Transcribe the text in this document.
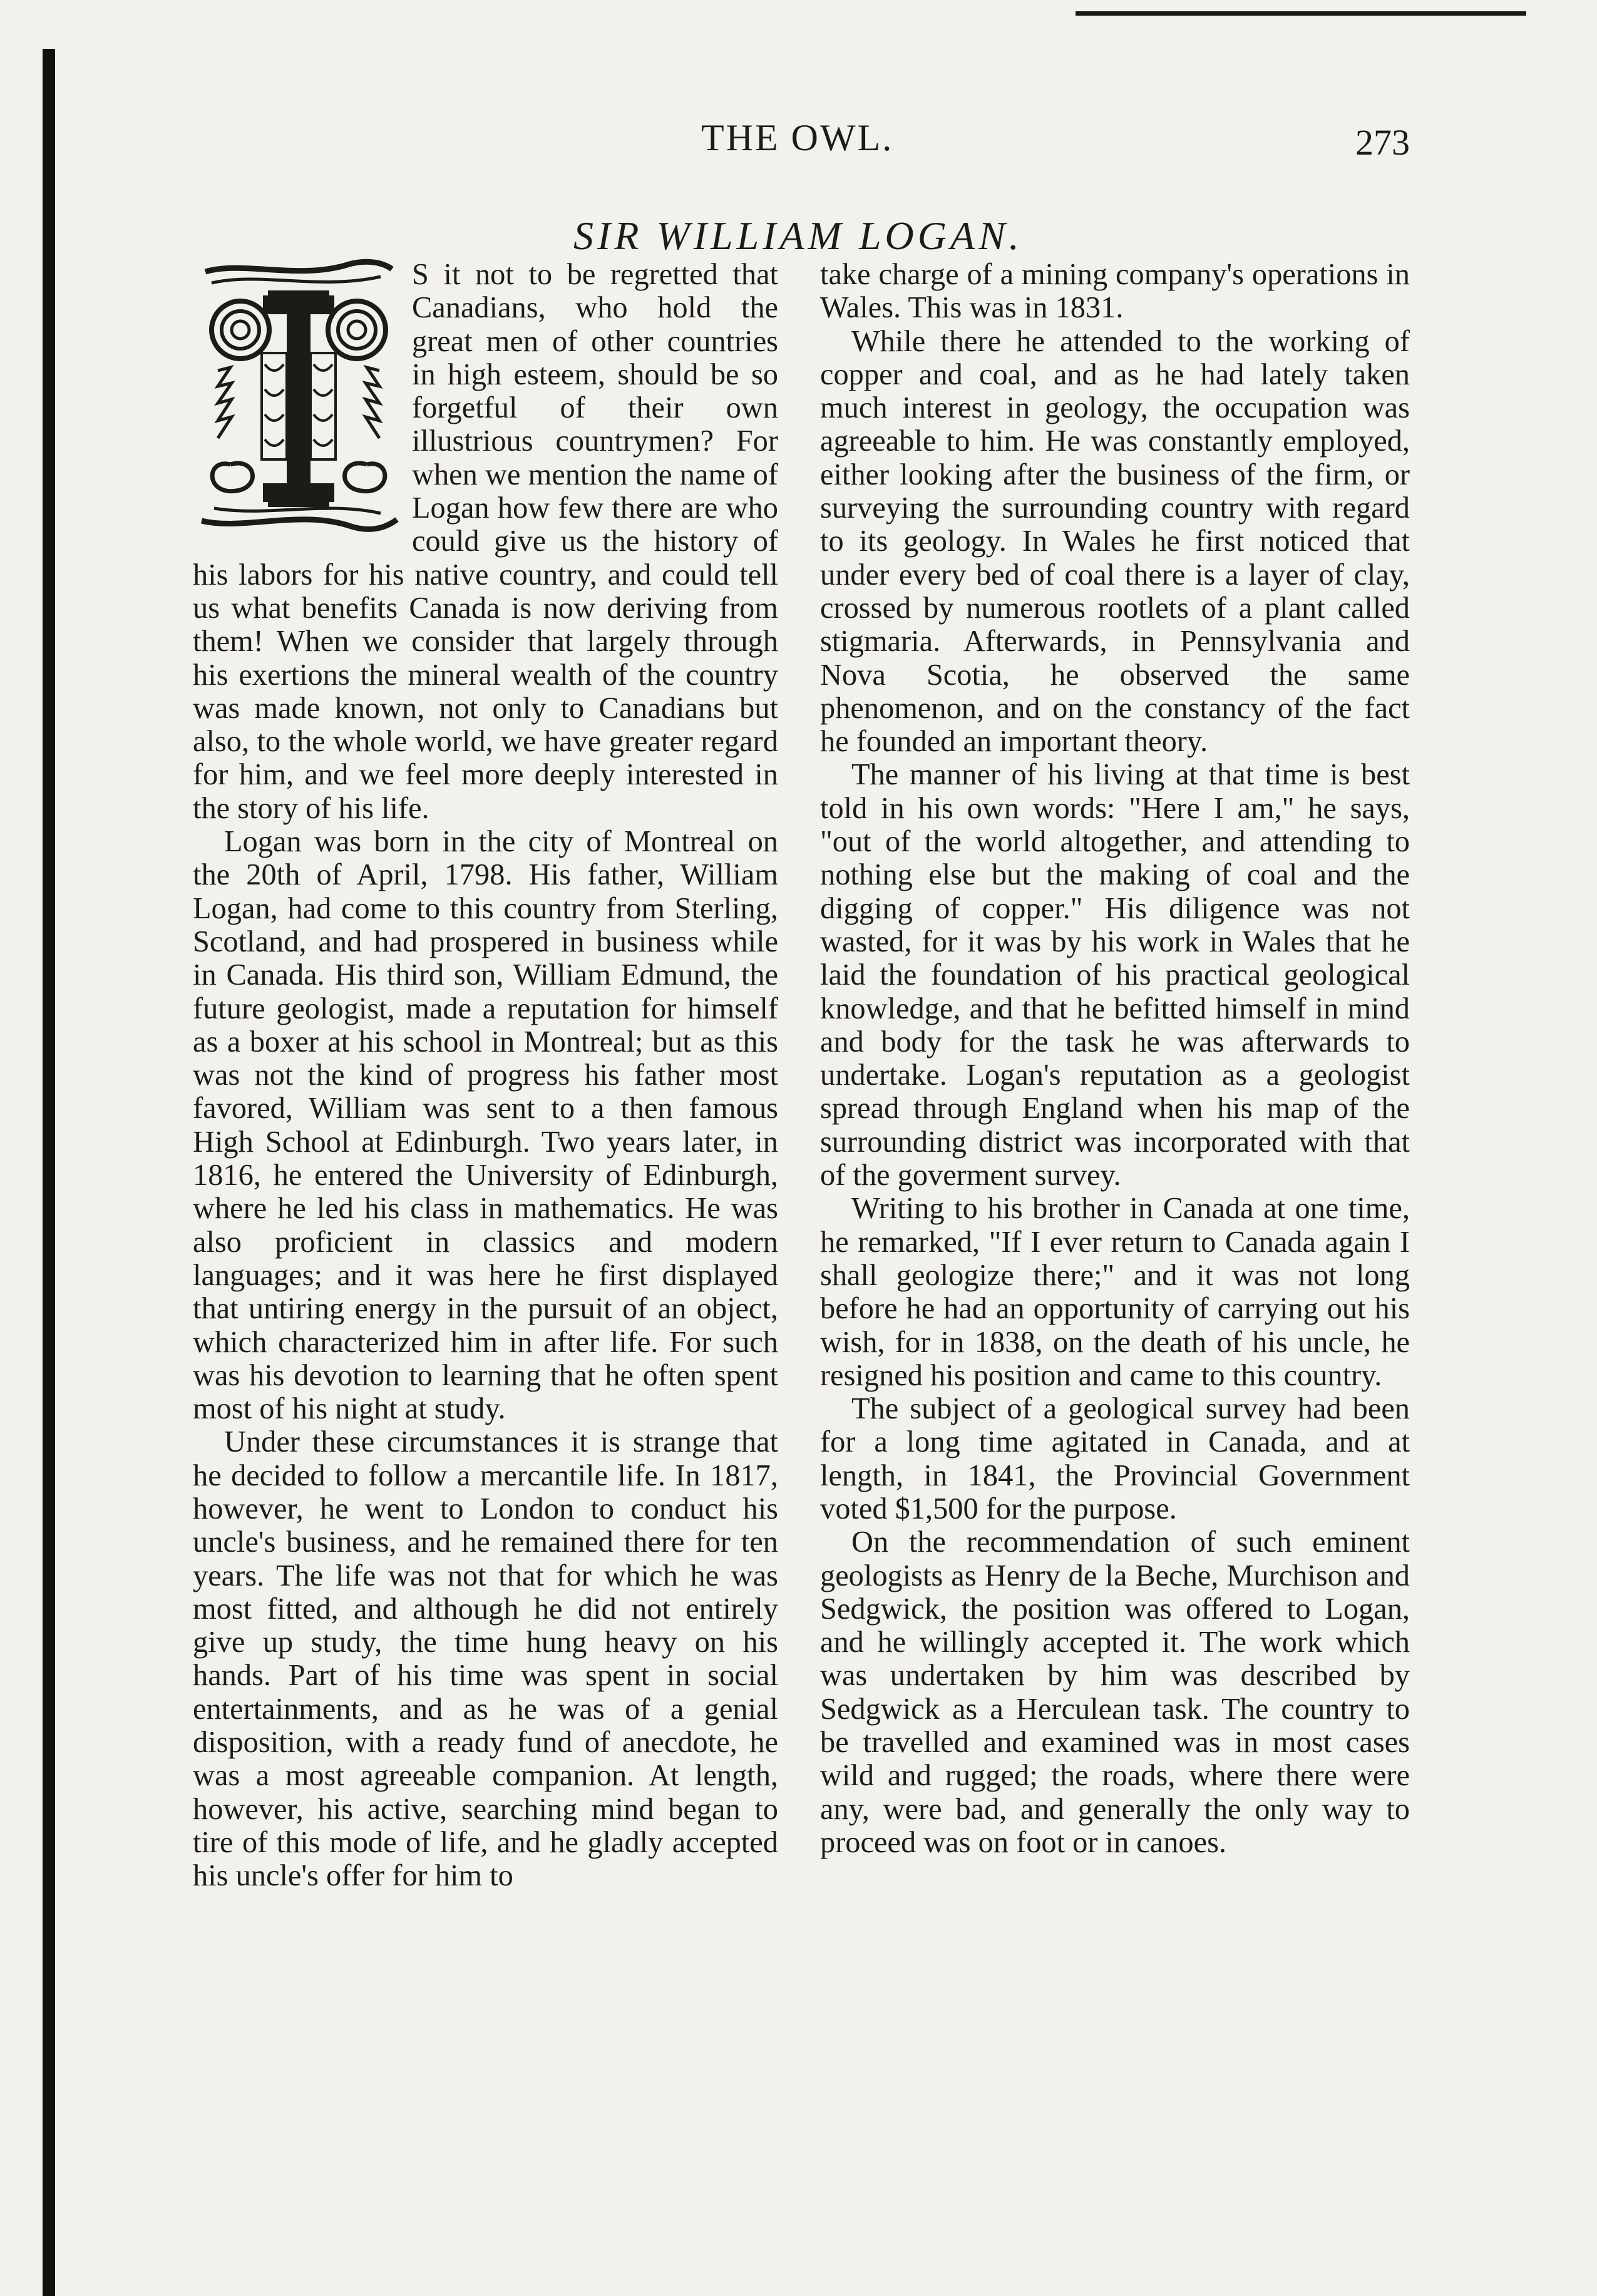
THE OWL.	273
SIR WILLIAM LOGAN.

S it not to be regretted that Canadians, who hold the great men of other countries in high esteem, should be so forgetful of their own illustrious countrymen? For when we mention the name of Logan how few there are who could give us the history of his labors for his native country, and could tell us what benefits Canada is now deriving from them! When we consider that largely through his exertions the mineral wealth of the country was made known, not only to Canadians but also, to the whole world, we have greater regard for him, and we feel more deeply interested in the story of his life.

Logan was born in the city of Montreal on the 20th of April, 1798. His father, William Logan, had come to this country from Sterling, Scotland, and had prospered in business while in Canada. His third son, William Edmund, the future geologist, made a reputation for himself as a boxer at his school in Montreal; but as this was not the kind of progress his father most favored, William was sent to a then famous High School at Edinburgh. Two years later, in 1816, he entered the University of Edinburgh, where he led his class in mathematics. He was also proficient in classics and modern languages; and it was here he first displayed that untiring energy in the pursuit of an object, which characterized him in after life. For such was his devotion to learning that he often spent most of his night at study.

Under these circumstances it is strange that he decided to follow a mercantile life. In 1817, however, he went to London to conduct his uncle's business, and he remained there for ten years. The life was not that for which he was most fitted, and although he did not entirely give up study, the time hung heavy on his hands. Part of his time was spent in social entertainments, and as he was of a genial disposition, with a ready fund of anecdote, he was a most agreeable companion. At length, however, his active, searching mind began to tire of this mode of life, and he gladly accepted his uncle's offer for him to

take charge of a mining company's operations in Wales. This was in 1831.

While there he attended to the working of copper and coal, and as he had lately taken much interest in geology, the occupation was agreeable to him. He was constantly employed, either looking after the business of the firm, or surveying the surrounding country with regard to its geology. In Wales he first noticed that under every bed of coal there is a layer of clay, crossed by numerous rootlets of a plant called stigmaria. Afterwards, in Pennsylvania and Nova Scotia, he observed the same phenomenon, and on the constancy of the fact he founded an important theory.

The manner of his living at that time is best told in his own words: "Here I am," he says, "out of the world altogether, and attending to nothing else but the making of coal and the digging of copper." His diligence was not wasted, for it was by his work in Wales that he laid the foundation of his practical geological knowledge, and that he befitted himself in mind and body for the task he was afterwards to undertake. Logan's reputation as a geologist spread through England when his map of the surrounding district was incorporated with that of the goverment survey.

Writing to his brother in Canada at one time, he remarked, "If I ever return to Canada again I shall geologize there;" and it was not long before he had an opportunity of carrying out his wish, for in 1838, on the death of his uncle, he resigned his position and came to this country.

The subject of a geological survey had been for a long time agitated in Canada, and at length, in 1841, the Provincial Government voted $1,500 for the purpose.

On the recommendation of such eminent geologists as Henry de la Beche, Murchison and Sedgwick, the position was offered to Logan, and he willingly accepted it. The work which was undertaken by him was described by Sedgwick as a Herculean task. The country to be travelled and examined was in most cases wild and rugged; the roads, where there were any, were bad, and generally the only way to proceed was on foot or in canoes.
